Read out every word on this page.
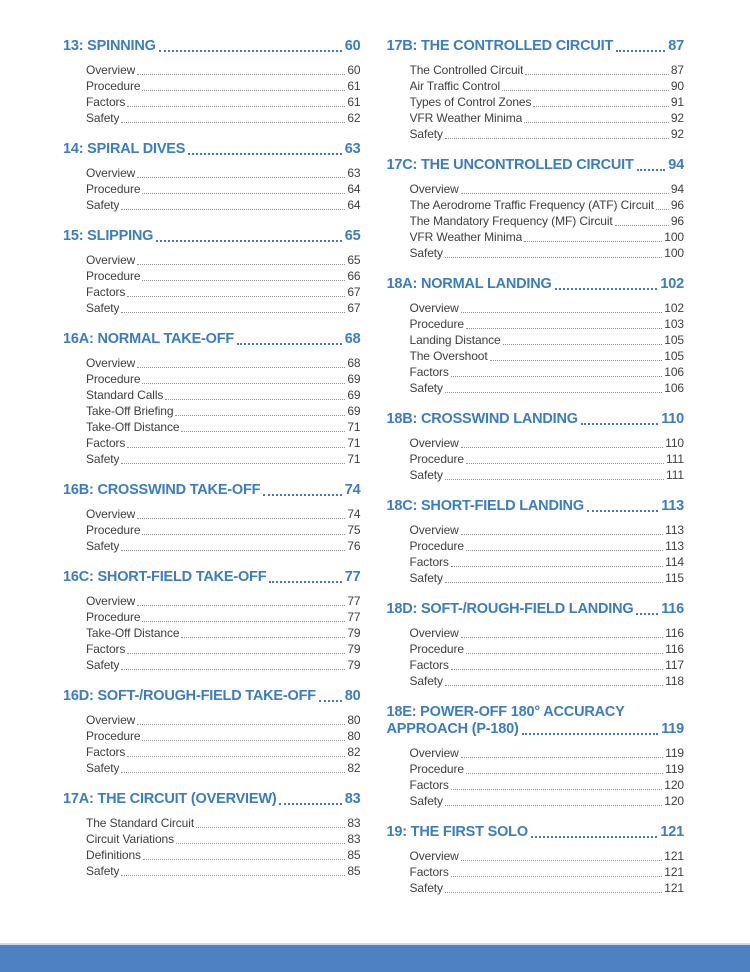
13: SPINNING	60
Overview	60
Procedure	61
Factors	61
Safety	62
14: SPIRAL DIVES	63
Overview	63
Procedure	64
Safety	64
15: SLIPPING	65
Overview	65
Procedure	66
Factors	67
Safety	67
16A: NORMAL TAKE-OFF	68
Overview	68
Procedure	69
Standard Calls	69
Take-Off Briefing	69
Take-Off Distance	71
Factors	71
Safety	71
16B: CROSSWIND TAKE-OFF	74
Overview	74
Procedure	75
Safety	76
16C: SHORT-FIELD TAKE-OFF	77
Overview	77
Procedure	77
Take-Off Distance	79
Factors	79
Safety	79
16D: SOFT-/ROUGH-FIELD TAKE-OFF 80
Overview	80
Procedure	80
Factors	82
Safety	82
17A: THE CIRCUIT (OVERVIEW)	83
The Standard Circuit	83
Circuit Variations	83
Definitions	85
Safety	85
17B: THE CONTROLLED CIRCUIT	87
The Controlled Circuit	87
Air Traffic Control	90
Types of Control Zones	91
VFR Weather Minima	92
Safety	92
17C: THE UNCONTROLLED CIRCUIT 94
Overview	94
The Aerodrome Traffic Frequency (ATF) Circuit 96
The Mandatory Frequency (MF) Circuit	96
VFR Weather Minima	100
Safety	100
18A: NORMAL LANDING	102
Overview	102
Procedure	103
Landing Distance	105
The Overshoot	105
Factors	106
Safety	106
18B: CROSSWIND LANDING	110
Overview	110
Procedure	111
Safety	111
18C: SHORT-FIELD LANDING	113
Overview	113
Procedure	113
Factors	114
Safety	115
18D: SOFT-/ROUGH-FIELD LANDING 116
Overview	116
Procedure	116
Factors	117
Safety	118
18E: POWER-OFF 180° ACCURACY
APPROACH (P-180)	119
Overview	119
Procedure	119
Factors	120
Safety	120
19: THE FIRST SOLO	121
Overview	121
Factors	121
Safety	121
